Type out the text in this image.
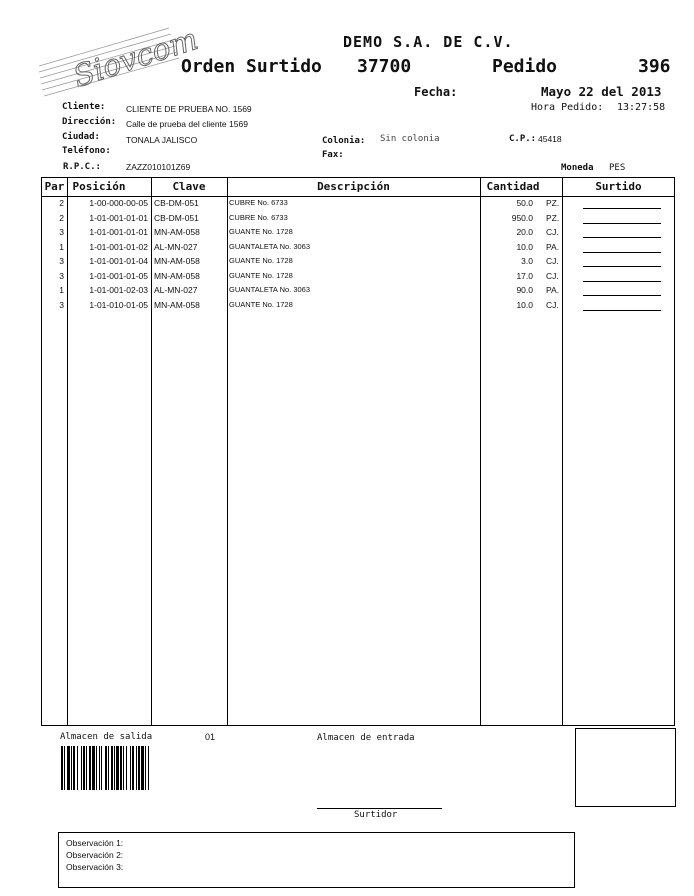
Siovcom	DEMO S.A. DE C.V.
Orden Surtido 37700	Pedido	396
Fecha:	Mayo 22 del 2013
Hora Pedido: 13:27:58
Cliente: CLIENTE DE PRUEBA NO. 1569
Dirección: Calle de prueba del cliente 1569
Ciudad:	TONALA JALISCO
Teléfono:
R.P.C.:	ZAZZ010101Z69
Colonia: Sin colonia
Fax:
C.P.: 45418
Moneda PES
Par Posición	Clave	Descripción	Cantidad	Surtido
2	1-00-000-00-05 CB-DM-051	CUBRE No. 6733	50.0 PZ.
2	1-01-001-01-01 CB-DM-051	CUBRE No. 6733	950.0 PZ.
3	1-01-001-01-01 MN-AM-058	GUANTE No. 1728	20.0 CJ.
1	1-01-001-01-02 AL-MN-027	GUANTALETA No. 3063	10.0 PA.
3	1-01-001-01-04 MN-AM-058	GUANTE No. 1728	3.0 CJ.
3	1-01-001-01-05 MN-AM-058	GUANTE No. 1728	17.0 CJ.
1	1-01-001-02-03 AL-MN-027	GUANTALETA No. 3063	90.0 PA.
3	1-01-010-01-05 MN-AM-058	GUANTE No. 1728	10.0 CJ.
Almacen de salida	01	Almacen de entrada
Surtidor
Observación 1:
Observación 2:
Observación 3:
